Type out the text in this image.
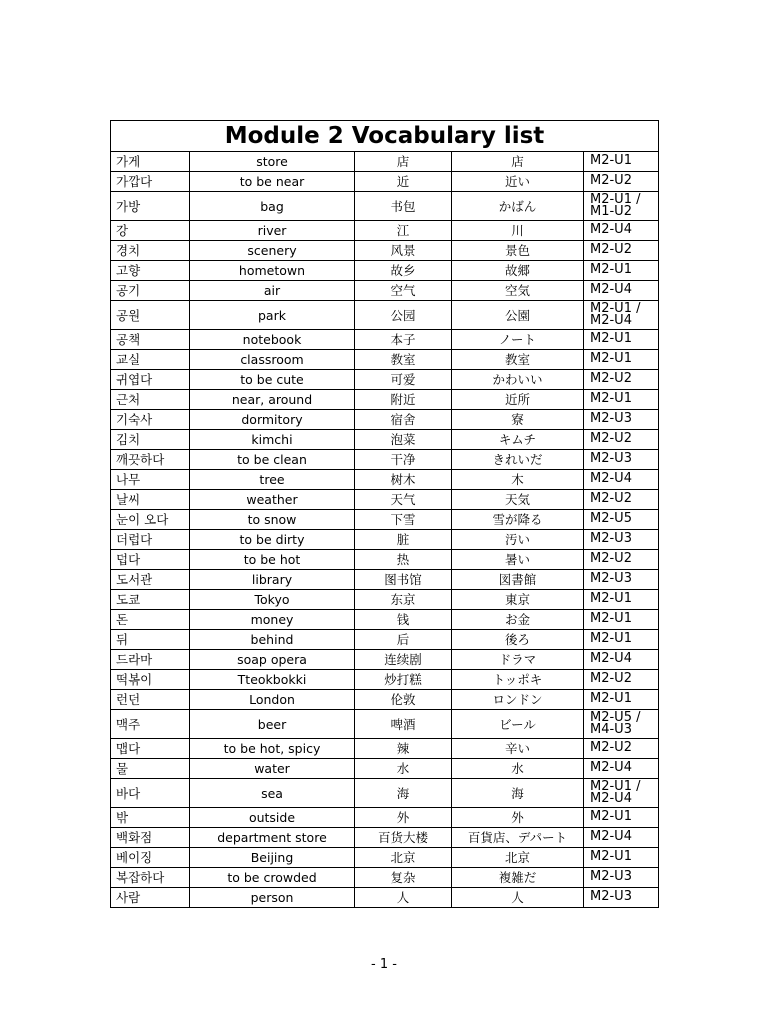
Module 2 Vocabulary list				
가게	store	店	店	M2-U1
가깝다	to be near	近	近い	M2-U2
가방	bag	书包	かばん	M2-U1 / M1-U2
강	river	江	川	M2-U4
경치	scenery	风景	景色	M2-U2
고향	hometown	故乡	故郷	M2-U1
공기	air	空气	空気	M2-U4
공원	park	公园	公園	M2-U1 / M2-U4
공책	notebook	本子	ノート	M2-U1
교실	classroom	教室	教室	M2-U1
귀엽다	to be cute	可爱	かわいい	M2-U2
근처	near, around	附近	近所	M2-U1
기숙사	dormitory	宿舍	寮	M2-U3
김치	kimchi	泡菜	キムチ	M2-U2
깨끗하다	to be clean	干净	きれいだ	M2-U3
나무	tree	树木	木	M2-U4
날씨	weather	天气	天気	M2-U2
눈이 오다	to snow	下雪	雪が降る	M2-U5
더럽다	to be dirty	脏	汚い	M2-U3
덥다	to be hot	热	暑い	M2-U2
도서관	library	图书馆	図書館	M2-U3
도쿄	Tokyo	东京	東京	M2-U1
돈	money	钱	お金	M2-U1
뒤	behind	后	後ろ	M2-U1
드라마	soap opera	连续剧	ドラマ	M2-U4
떡볶이	Tteokbokki	炒打糕	トッポキ	M2-U2
런던	London	伦敦	ロンドン	M2-U1
맥주	beer	啤酒	ビール	M2-U5 / M4-U3
맵다	to be hot, spicy	辣	辛い	M2-U2
물	water	水	水	M2-U4
바다	sea	海	海	M2-U1 / M2-U4
밖	outside	外	外	M2-U1
백화점	department store	百货大楼	百貨店、デパート	M2-U4
베이징	Beijing	北京	北京	M2-U1
복잡하다	to be crowded	复杂	複雑だ	M2-U3
사람	person	人	人	M2-U3
- 1 -
